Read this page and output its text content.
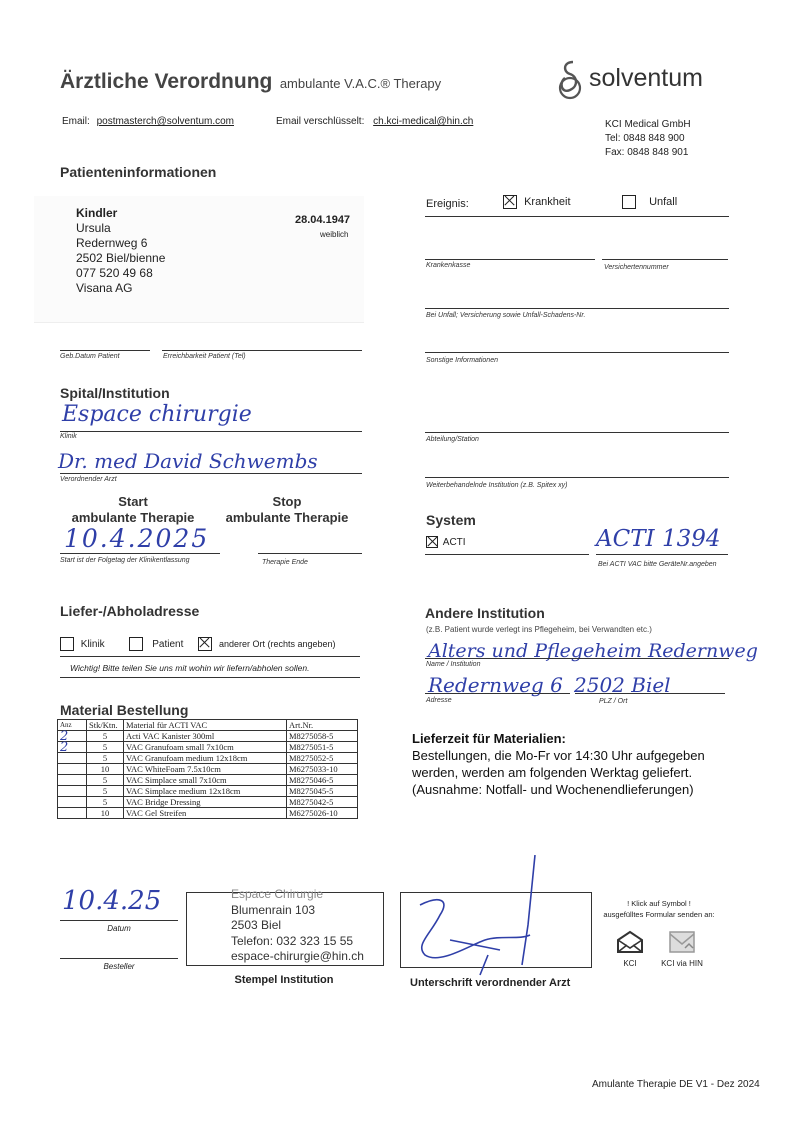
Ärztliche Verordnung ambulante V.A.C.® Therapy	solventum
Email: postmasterch@solventum.com	Email verschlüsselt: ch.kci-medical@hin.ch	KCI Medical GmbH
Tel: 0848 848 900
Fax: 0848 848 901
Patienteninformationen
Kindler
Ursula
Redernweg 6
2502 Biel/bienne
077 520 49 68
Visana AG
28.04.1947
weiblich
Geb.Datum Patient	Erreichbarkeit Patient (Tel)
Ereignis:	Krankheit	Unfall
Krankenkasse	Versichertennummer
Bei Unfall; Versicherung sowie Unfall-Schadens-Nr.
Sonstige Informationen
Spital/Institution
Espace chirurgie
Klinik
Dr. med David Schwembs
Verordnender Arzt
Abteilung/Station
Weiterbehandelnde Institution (z.B. Spitex xy)
Start
ambulante Therapie
Stop
ambulante Therapie
10.4.2025
Start ist der Folgetag der Klinikentlassung	Therapie Ende
System
ACTI	ACTI 1394
Bei ACTI VAC bitte GeräteNr.angeben
Liefer-/Abholadresse
Klinik	Patient	anderer Ort (rechts angeben)
Wichtig! Bitte teilen Sie uns mit wohin wir liefern/abholen sollen.
Andere Institution
(z.B. Patient wurde verlegt ins Pflegeheim, bei Verwandten etc.)
Alters und Pflegeheim Redernweg
Name / Institution
Redernweg 6 2502 Biel
Adresse	PLZ / Ort
Material Bestellung
Anz	Stk/Ktn.	Material für ACTI VAC	Art.Nr.
2	5	Acti VAC Kanister 300ml	M8275058-5
2	5	VAC Granufoam small 7x10cm	M8275051-5
	5	VAC Granufoam medium 12x18cm	M8275052-5
	10	VAC WhiteFoam 7.5x10cm	M6275033-10
	5	VAC Simplace small 7x10cm	M8275046-5
	5	VAC Simplace medium 12x18cm	M8275045-5
	5	VAC Bridge Dressing	M8275042-5
	10	VAC Gel Streifen	M6275026-10
Lieferzeit für Materialien:
Bestellungen, die Mo-Fr vor 14:30 Uhr aufgegeben
werden, werden am folgenden Werktag geliefert.
(Ausnahme: Notfall- und Wochenendlieferungen)
10.4.25
Datum
Besteller
Espace Chirurgie
Blumenrain 103
2503 Biel
Telefon: 032 323 15 55
espace-chirurgie@hin.ch
Stempel Institution	Unterschrift verordnender Arzt
! Klick auf Symbol !
ausgefülltes Formular senden an:
KCI	KCI via HIN
Amulante Therapie DE V1 - Dez 2024
